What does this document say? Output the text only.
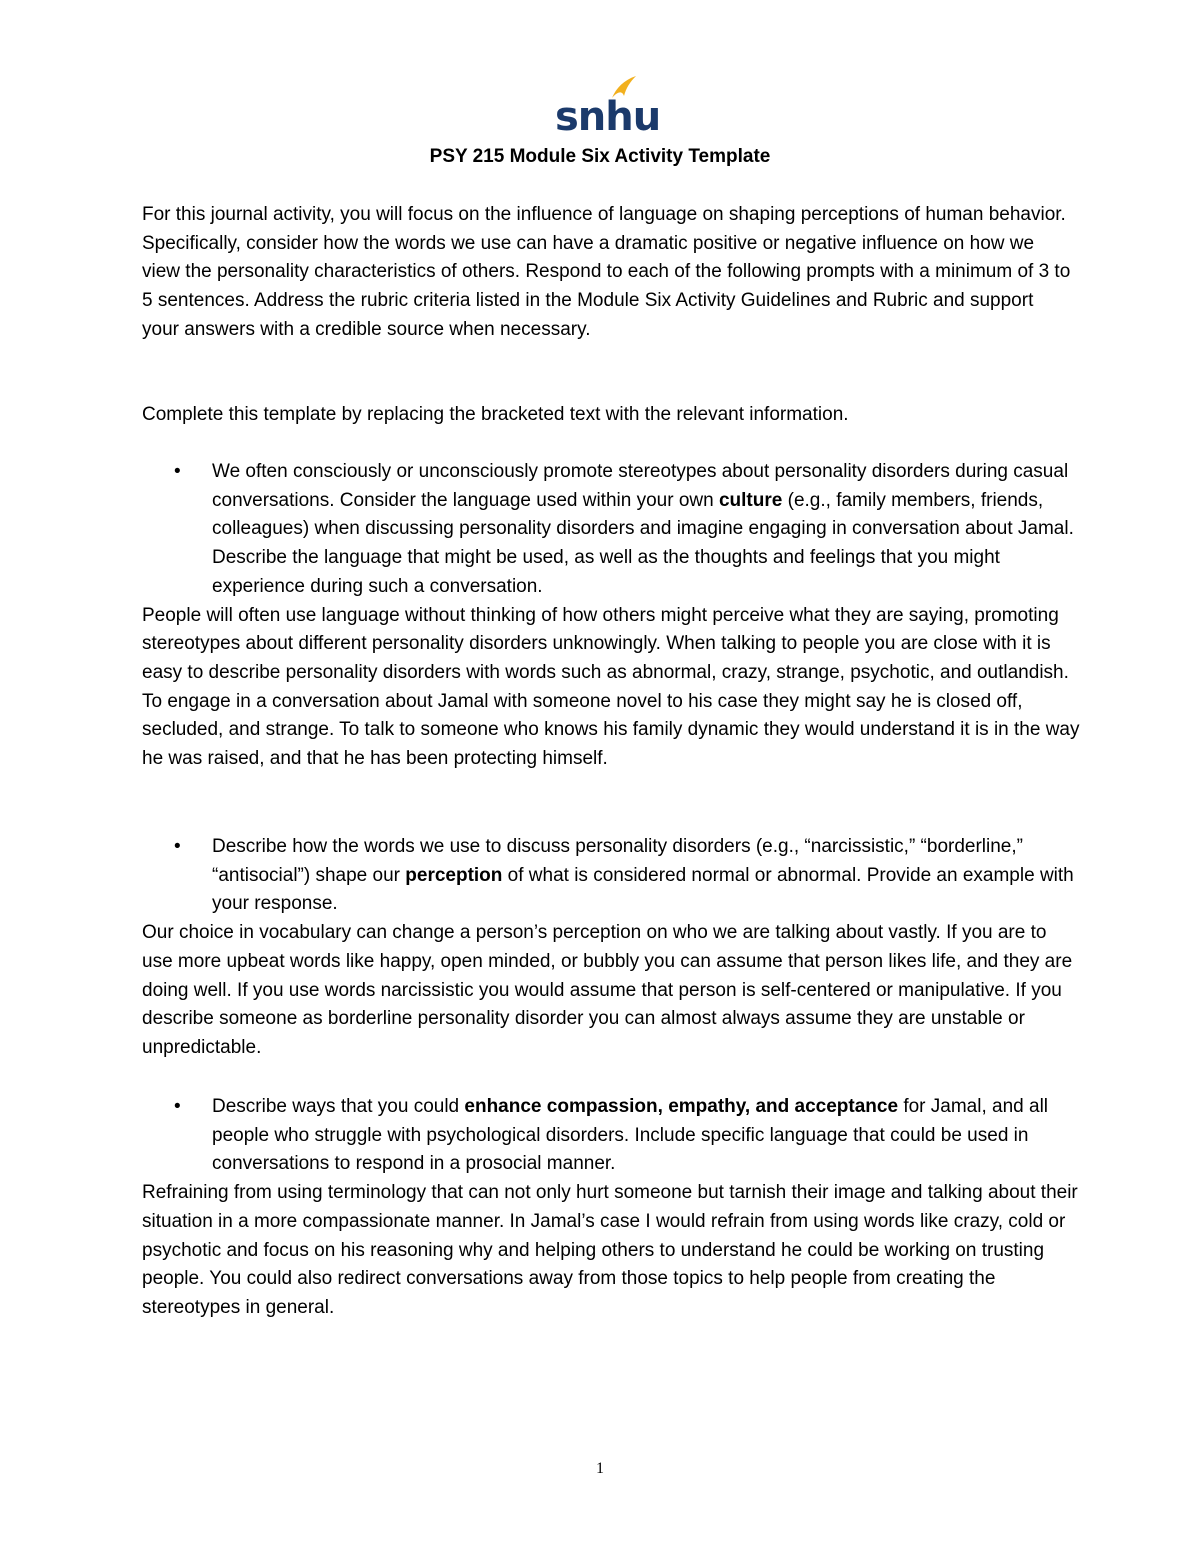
snhu
PSY 215 Module Six Activity Template

For this journal activity, you will focus on the influence of language on shaping perceptions of human behavior. Specifically, consider how the words we use can have a dramatic positive or negative influence on how we view the personality characteristics of others. Respond to each of the following prompts with a minimum of 3 to 5 sentences. Address the rubric criteria listed in the Module Six Activity Guidelines and Rubric and support your answers with a credible source when necessary.

Complete this template by replacing the bracketed text with the relevant information.
• We often consciously or unconsciously promote stereotypes about personality disorders during casual conversations. Consider the language used within your own culture (e.g., family members, friends, colleagues) when discussing personality disorders and imagine engaging in conversation about Jamal. Describe the language that might be used, as well as the thoughts and feelings that you might experience during such a conversation.

People will often use language without thinking of how others might perceive what they are saying, promoting stereotypes about different personality disorders unknowingly. When talking to people you are close with it is easy to describe personality disorders with words such as abnormal, crazy, strange, psychotic, and outlandish. To engage in a conversation about Jamal with someone novel to his case they might say he is closed off, secluded, and strange. To talk to someone who knows his family dynamic they would understand it is in the way he was raised, and that he has been protecting himself.

• Describe how the words we use to discuss personality disorders (e.g., “narcissistic,” “borderline,” “antisocial”) shape our perception of what is considered normal or abnormal. Provide an example with your response.

Our choice in vocabulary can change a person’s perception on who we are talking about vastly. If you are to use more upbeat words like happy, open minded, or bubbly you can assume that person likes life, and they are doing well. If you use words narcissistic you would assume that person is self-centered or manipulative. If you describe someone as borderline personality disorder you can almost always assume they are unstable or unpredictable.

• Describe ways that you could enhance compassion, empathy, and acceptance for Jamal, and all people who struggle with psychological disorders. Include specific language that could be used in conversations to respond in a prosocial manner.

Refraining from using terminology that can not only hurt someone but tarnish their image and talking about their situation in a more compassionate manner. In Jamal’s case I would refrain from using words like crazy, cold or psychotic and focus on his reasoning why and helping others to understand he could be working on trusting people. You could also redirect conversations away from those topics to help people from creating the stereotypes in general.

1
